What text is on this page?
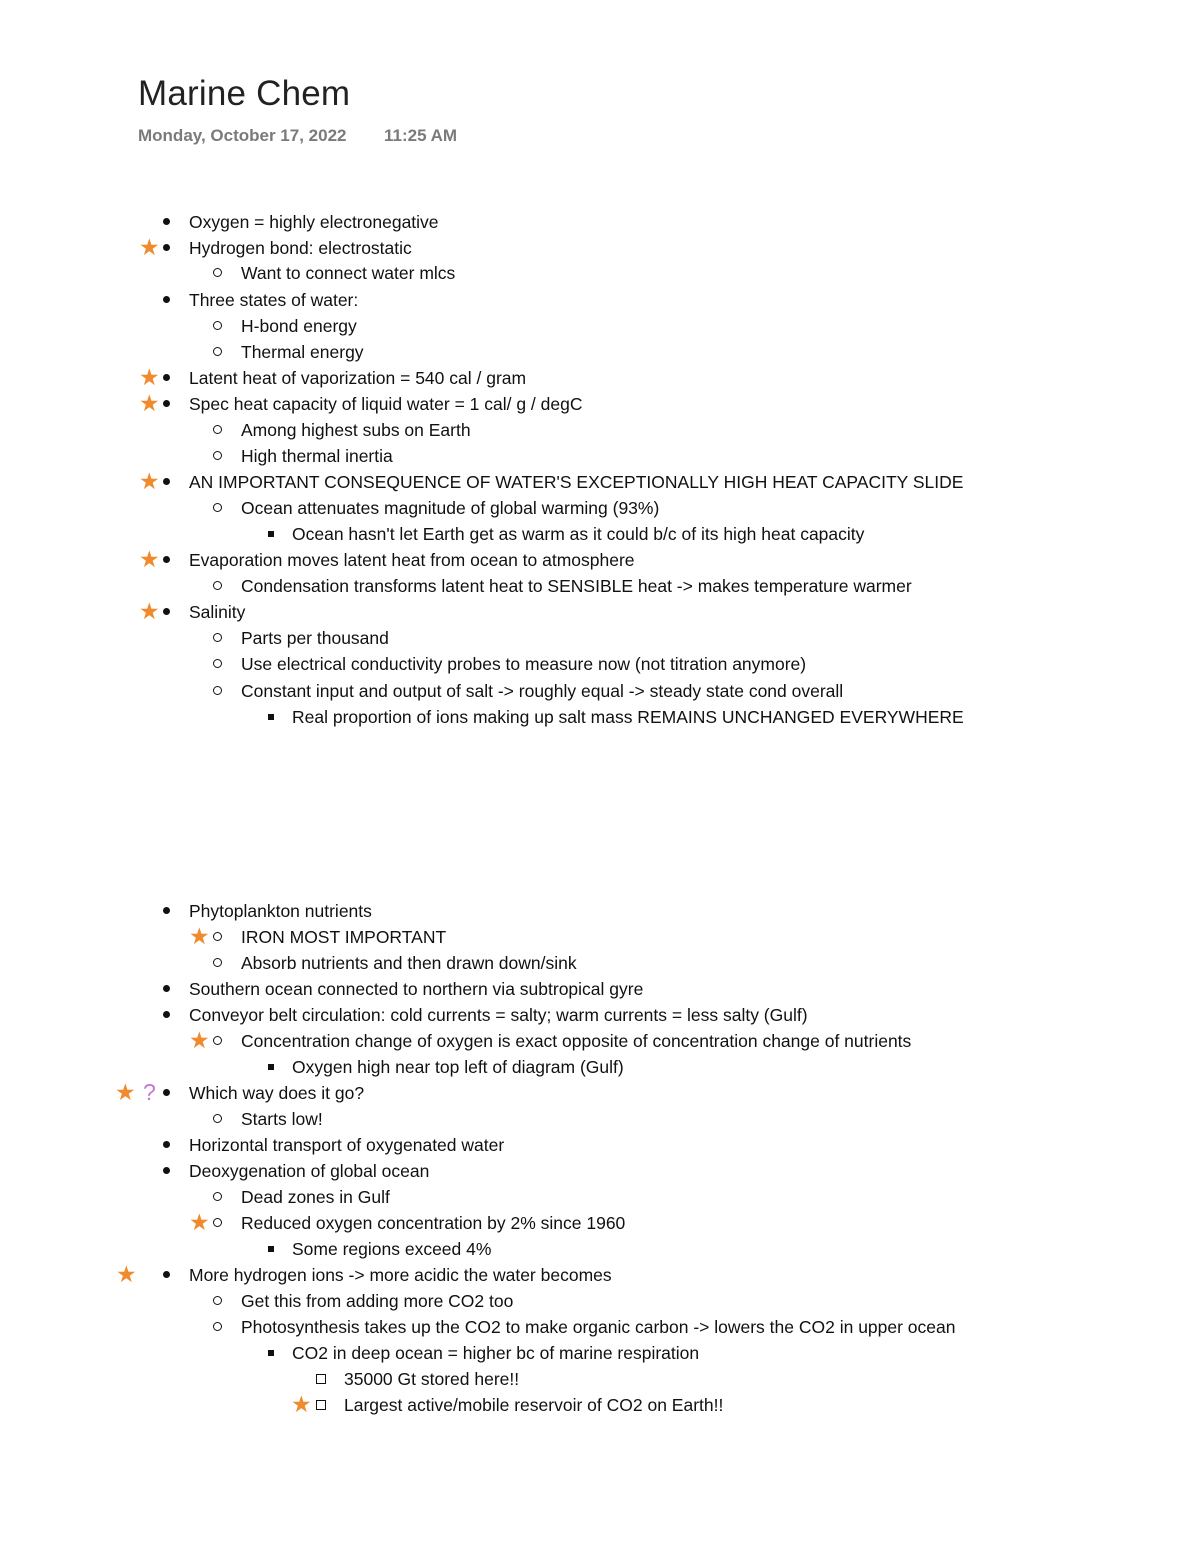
Marine Chem
Monday, October 17, 2022 11:25 AM
Oxygen = highly electronegative
★ Hydrogen bond: electrostatic
Want to connect water mlcs
Three states of water:
H-bond energy
Thermal energy
★ Latent heat of vaporization = 540 cal / gram
★ Spec heat capacity of liquid water = 1 cal/ g / degC
Among highest subs on Earth
High thermal inertia
★ AN IMPORTANT CONSEQUENCE OF WATER'S EXCEPTIONALLY HIGH HEAT CAPACITY SLIDE
Ocean attenuates magnitude of global warming (93%)
Ocean hasn't let Earth get as warm as it could b/c of its high heat capacity
★ Evaporation moves latent heat from ocean to atmosphere
Condensation transforms latent heat to SENSIBLE heat -> makes temperature warmer
★ Salinity
Parts per thousand
Use electrical conductivity probes to measure now (not titration anymore)
Constant input and output of salt -> roughly equal -> steady state cond overall
Real proportion of ions making up salt mass REMAINS UNCHANGED EVERYWHERE
Phytoplankton nutrients
★ IRON MOST IMPORTANT
Absorb nutrients and then drawn down/sink
Southern ocean connected to northern via subtropical gyre
Conveyor belt circulation: cold currents = salty; warm currents = less salty (Gulf)
★ Concentration change of oxygen is exact opposite of concentration change of nutrients
Oxygen high near top left of diagram (Gulf)
★ ? Which way does it go?
Starts low!
Horizontal transport of oxygenated water
Deoxygenation of global ocean
Dead zones in Gulf
★ Reduced oxygen concentration by 2% since 1960
Some regions exceed 4%
★	More hydrogen ions -> more acidic the water becomes
Get this from adding more CO2 too
Photosynthesis takes up the CO2 to make organic carbon -> lowers the CO2 in upper ocean
CO2 in deep ocean = higher bc of marine respiration
35000 Gt stored here!!
★ Largest active/mobile reservoir of CO2 on Earth!!
